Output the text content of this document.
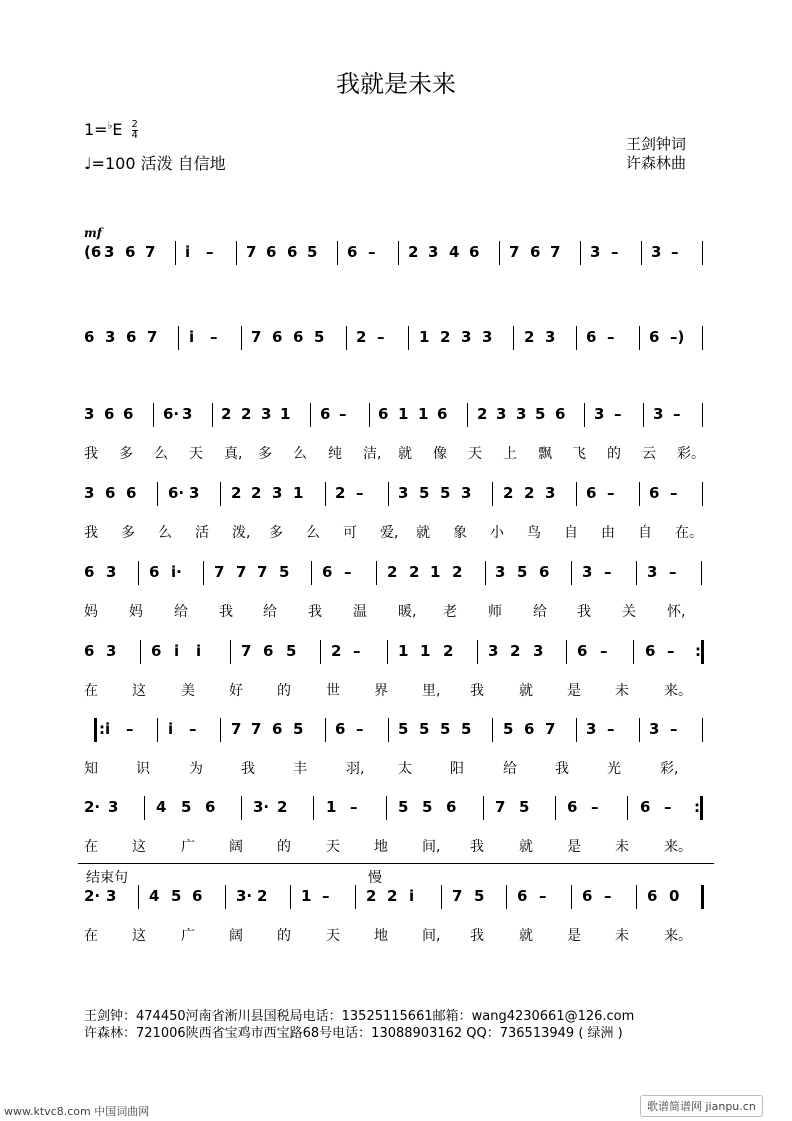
我就是未来
$1=^♭E \frac{2}{4}$
♩=100 活泼 自信地
王剑钟词
许森林曲
mf
(6 3 6 7 i – 7 6 6 5 6 – 2 3 4 6 7 6 7 3 – 3 –
6 3 6 7 i – 7 6 6 5 2 – 1 2 3 3 2 3 6 – 6 –)
3 6 6 6· 3 2 2 3 1 6 – 6 1 1 6 2 3 3 5 6 3 – 3 –
我 多 么 天 真, 多 么 纯 洁, 就 像 天 上 飘 飞 的 云 彩。
3 6 6 6· 3 2 2 3 1 2 – 3 5 5 3 2 2 3 6 – 6 –
我 多 么 活 泼, 多 么 可 爱, 就 象 小 鸟 自 由 自 在。
6 3 6 i· 7 7 7 5 6 – 2 2 1 2 3 5 6 3 – 3 –
妈 妈 给 我 给 我 温 暖, 老 师 给 我 关 怀,
6 3 6 i i	7 6 5 2 –	1 1 2 3 2 3 6 –	6 – :
在 这	美 好 的	世 界 里, 我	就 是 未	来。
: i – i – 7 7 6 5 6 – 5 5 5 5 5 6 7 3 – 3 –
知	识	为	我	丰	羽, 太	阳	给	我	光	彩,
2· 3	4 5 6	3· 2	1 –	5 5 6	7 5	6 –	6 – :
在 这	广 阔 的	天 地 间, 我	就 是 未	来。
2· 3 4 5 6 3· 2 1 – 2 2 i	7 5 6 – 6 – 6 0
在 这	广 阔 的	天 地 间, 我	就 是 未	来。
结束句	慢
王剑钟：474450河南省淅川县国税局电话：13525115661邮箱：wang4230661@126.com
许森林：721006陕西省宝鸡市西宝路68号电话：13088903162 QQ：736513949 ( 绿洲 )
www.ktvc8.com 中国词曲网	歌谱简谱网 jianpu.cn
